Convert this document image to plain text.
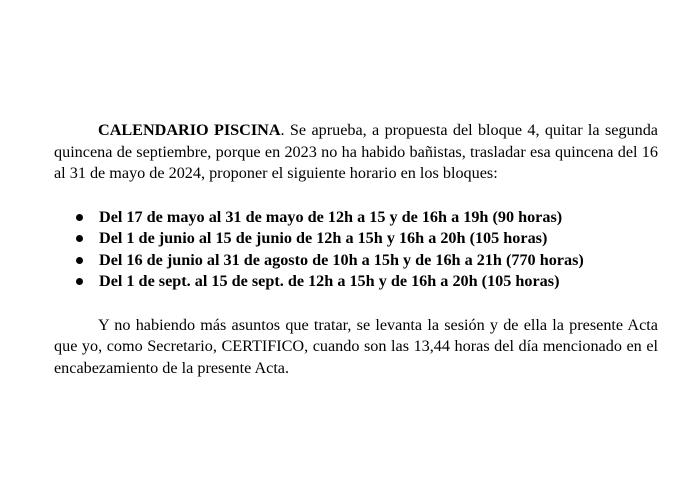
CALENDARIO PISCINA. Se aprueba, a propuesta del bloque 4, quitar la segunda quincena de septiembre, porque en 2023 no ha habido bañistas, trasladar esa quincena del 16 al 31 de mayo de 2024, proponer el siguiente horario en los bloques:

Del 17 de mayo al 31 de mayo de 12h a 15 y de 16h a 19h (90 horas)
Del 1 de junio al 15 de junio de 12h a 15h y 16h a 20h (105 horas)
Del 16 de junio al 31 de agosto de 10h a 15h y de 16h a 21h (770 horas)
Del 1 de sept. al 15 de sept. de 12h a 15h y de 16h a 20h (105 horas)

Y no habiendo más asuntos que tratar, se levanta la sesión y de ella la presente Acta que yo, como Secretario, CERTIFICO, cuando son las 13,44 horas del día mencionado en el encabezamiento de la presente Acta.
